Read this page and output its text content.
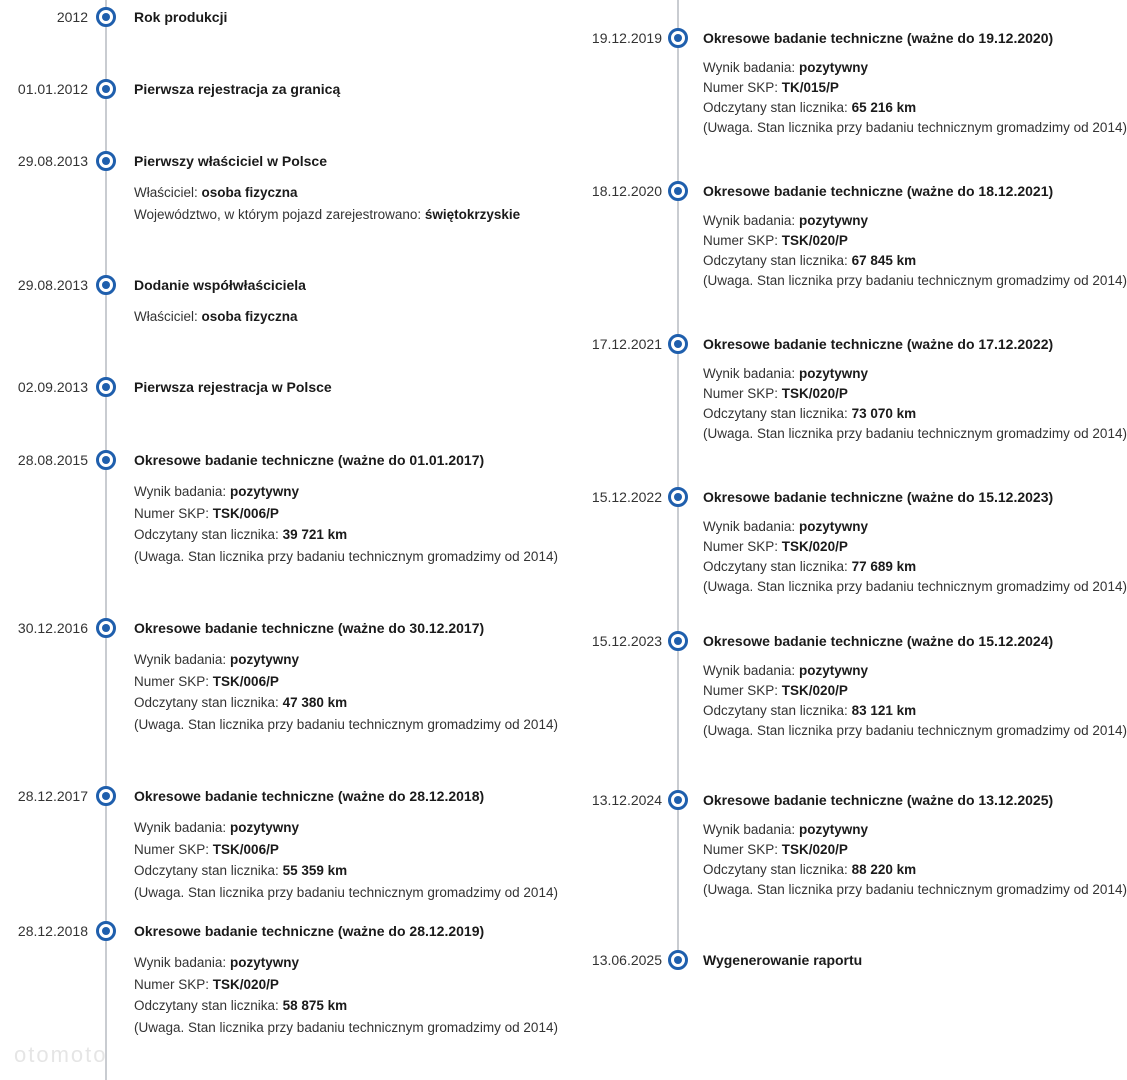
2012	Rok produkcji
01.01.2012	Pierwsza rejestracja za granicą
29.08.2013	Pierwszy właściciel w Polsce
Właściciel: osoba fizyczna
Województwo, w którym pojazd zarejestrowano: świętokrzyskie
29.08.2013	Dodanie współwłaściciela
Właściciel: osoba fizyczna
02.09.2013	Pierwsza rejestracja w Polsce
28.08.2015	Okresowe badanie techniczne (ważne do 01.01.2017)
Wynik badania: pozytywny
Numer SKP: TSK/006/P
Odczytany stan licznika: 39 721 km
(Uwaga. Stan licznika przy badaniu technicznym gromadzimy od 2014)
30.12.2016	Okresowe badanie techniczne (ważne do 30.12.2017)
Wynik badania: pozytywny
Numer SKP: TSK/006/P
Odczytany stan licznika: 47 380 km
(Uwaga. Stan licznika przy badaniu technicznym gromadzimy od 2014)
28.12.2017	Okresowe badanie techniczne (ważne do 28.12.2018)
Wynik badania: pozytywny
Numer SKP: TSK/006/P
Odczytany stan licznika: 55 359 km
(Uwaga. Stan licznika przy badaniu technicznym gromadzimy od 2014)
28.12.2018	Okresowe badanie techniczne (ważne do 28.12.2019)
Wynik badania: pozytywny
Numer SKP: TSK/020/P
Odczytany stan licznika: 58 875 km
(Uwaga. Stan licznika przy badaniu technicznym gromadzimy od 2014)
19.12.2019	Okresowe badanie techniczne (ważne do 19.12.2020)
Wynik badania: pozytywny
Numer SKP: TK/015/P
Odczytany stan licznika: 65 216 km
(Uwaga. Stan licznika przy badaniu technicznym gromadzimy od 2014)
18.12.2020	Okresowe badanie techniczne (ważne do 18.12.2021)
Wynik badania: pozytywny
Numer SKP: TSK/020/P
Odczytany stan licznika: 67 845 km
(Uwaga. Stan licznika przy badaniu technicznym gromadzimy od 2014)
17.12.2021	Okresowe badanie techniczne (ważne do 17.12.2022)
Wynik badania: pozytywny
Numer SKP: TSK/020/P
Odczytany stan licznika: 73 070 km
(Uwaga. Stan licznika przy badaniu technicznym gromadzimy od 2014)
15.12.2022	Okresowe badanie techniczne (ważne do 15.12.2023)
Wynik badania: pozytywny
Numer SKP: TSK/020/P
Odczytany stan licznika: 77 689 km
(Uwaga. Stan licznika przy badaniu technicznym gromadzimy od 2014)
15.12.2023	Okresowe badanie techniczne (ważne do 15.12.2024)
Wynik badania: pozytywny
Numer SKP: TSK/020/P
Odczytany stan licznika: 83 121 km
(Uwaga. Stan licznika przy badaniu technicznym gromadzimy od 2014)
13.12.2024	Okresowe badanie techniczne (ważne do 13.12.2025)
Wynik badania: pozytywny
Numer SKP: TSK/020/P
Odczytany stan licznika: 88 220 km
(Uwaga. Stan licznika przy badaniu technicznym gromadzimy od 2014)
13.06.2025	Wygenerowanie raportu
otomoto
